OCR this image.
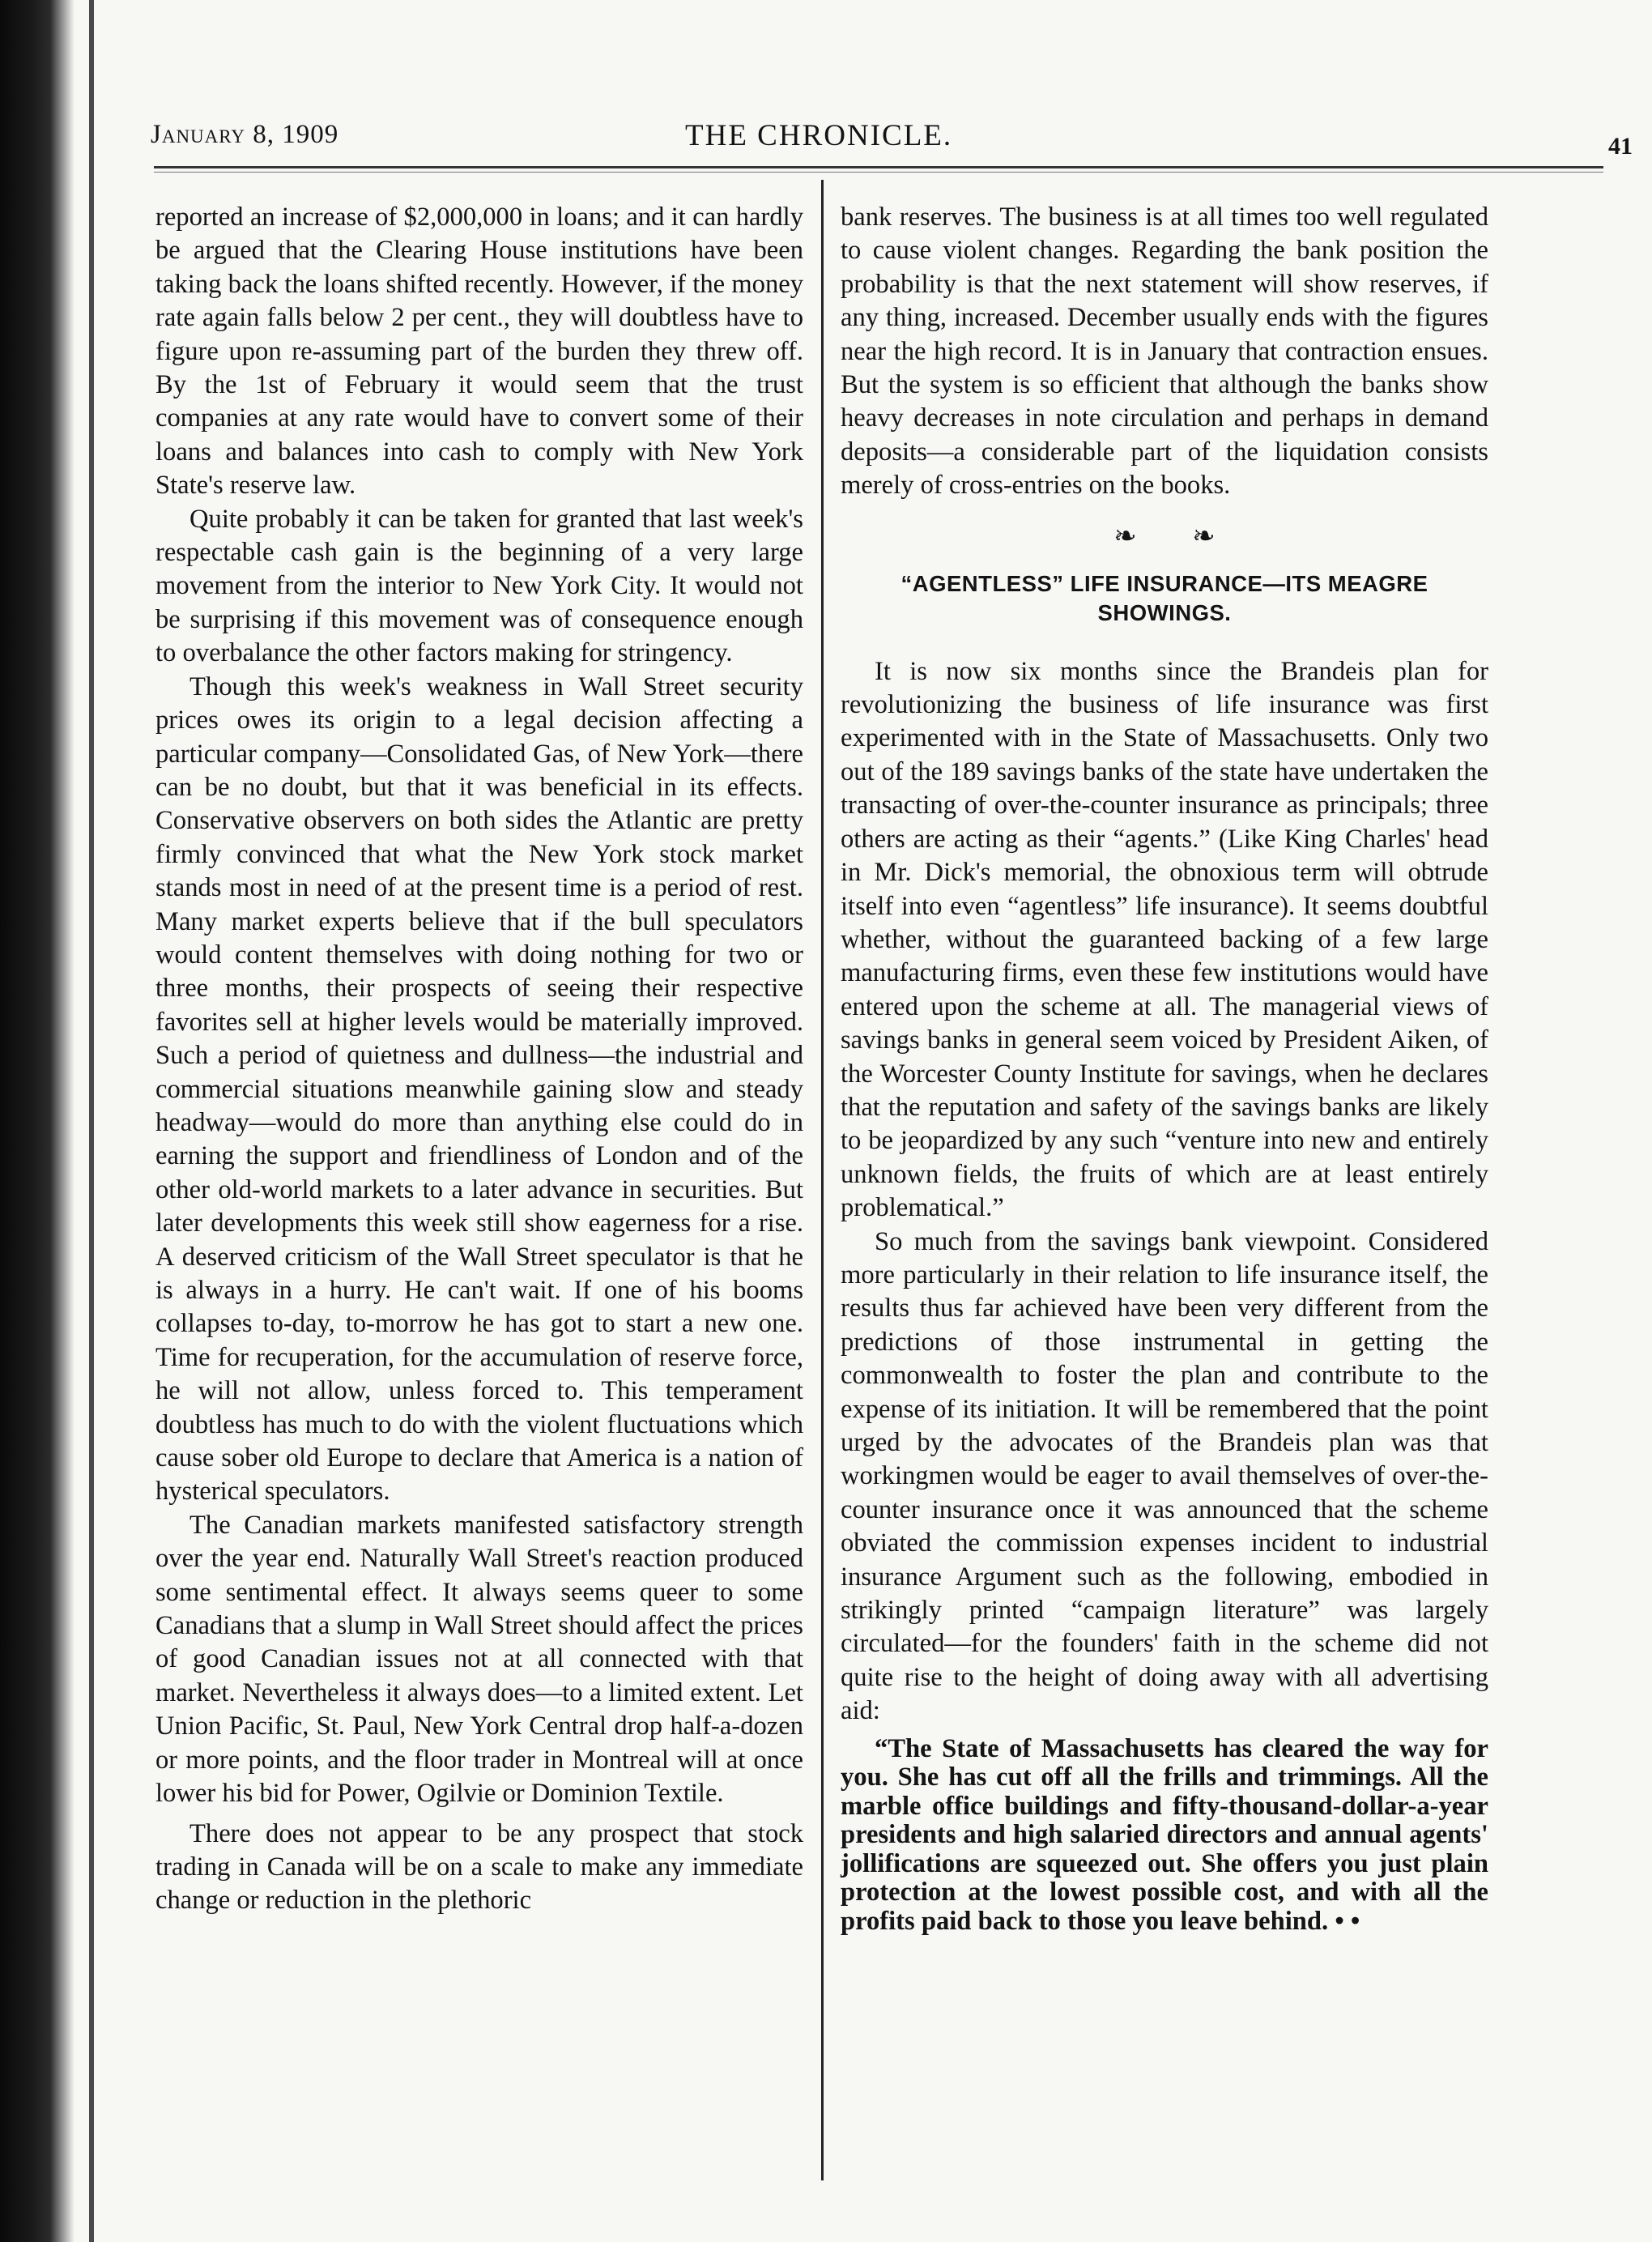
January 8, 1909	THE CHRONICLE.	41

reported an increase of $2,000,000 in loans; and it can hardly be argued that the Clearing House institutions have been taking back the loans shifted recently. However, if the money rate again falls below 2 per cent., they will doubtless have to figure upon re-assuming part of the burden they threw off. By the 1st of February it would seem that the trust companies at any rate would have to convert some of their loans and balances into cash to comply with New York State's reserve law.

Quite probably it can be taken for granted that last week's respectable cash gain is the beginning of a very large movement from the interior to New York City. It would not be surprising if this movement was of consequence enough to overbalance the other factors making for stringency.

Though this week's weakness in Wall Street security prices owes its origin to a legal decision affecting a particular company—Consolidated Gas, of New York—there can be no doubt, but that it was beneficial in its effects. Conservative observers on both sides the Atlantic are pretty firmly convinced that what the New York stock market stands most in need of at the present time is a period of rest. Many market experts believe that if the bull speculators would content themselves with doing nothing for two or three months, their prospects of seeing their respective favorites sell at higher levels would be materially improved. Such a period of quietness and dullness—the industrial and commercial situations meanwhile gaining slow and steady headway—would do more than anything else could do in earning the support and friendliness of London and of the other old-world markets to a later advance in securities. But later developments this week still show eagerness for a rise. A deserved criticism of the Wall Street speculator is that he is always in a hurry. He can't wait. If one of his booms collapses to-day, to-morrow he has got to start a new one. Time for recuperation, for the accumulation of reserve force, he will not allow, unless forced to. This temperament doubtless has much to do with the violent fluctuations which cause sober old Europe to declare that America is a nation of hysterical speculators.

The Canadian markets manifested satisfactory strength over the year end. Naturally Wall Street's reaction produced some sentimental effect. It always seems queer to some Canadians that a slump in Wall Street should affect the prices of good Canadian issues not at all connected with that market. Nevertheless it always does—to a limited extent. Let Union Pacific, St. Paul, New York Central drop half-a-dozen or more points, and the floor trader in Montreal will at once lower his bid for Power, Ogilvie or Dominion Textile.

There does not appear to be any prospect that stock trading in Canada will be on a scale to make any immediate change or reduction in the plethoric

bank reserves. The business is at all times too well regulated to cause violent changes. Regarding the bank position the probability is that the next statement will show reserves, if any thing, increased. December usually ends with the figures near the high record. It is in January that contraction ensues. But the system is so efficient that although the banks show heavy decreases in note circulation and perhaps in demand deposits—a considerable part of the liquidation consists merely of cross-entries on the books.

❧ ❧
“AGENTLESS” LIFE INSURANCE—ITS MEAGRE SHOWINGS.

It is now six months since the Brandeis plan for revolutionizing the business of life insurance was first experimented with in the State of Massachusetts. Only two out of the 189 savings banks of the state have undertaken the transacting of over-the-counter insurance as principals; three others are acting as their “agents.” (Like King Charles' head in Mr. Dick's memorial, the obnoxious term will obtrude itself into even “agentless” life insurance). It seems doubtful whether, without the guaranteed backing of a few large manufacturing firms, even these few institutions would have entered upon the scheme at all. The managerial views of savings banks in general seem voiced by President Aiken, of the Worcester County Institute for savings, when he declares that the reputation and safety of the savings banks are likely to be jeopardized by any such “venture into new and entirely unknown fields, the fruits of which are at least entirely problematical.”

So much from the savings bank viewpoint. Considered more particularly in their relation to life insurance itself, the results thus far achieved have been very different from the predictions of those instrumental in getting the commonwealth to foster the plan and contribute to the expense of its initiation. It will be remembered that the point urged by the advocates of the Brandeis plan was that workingmen would be eager to avail themselves of over-the-counter insurance once it was announced that the scheme obviated the commission expenses incident to industrial insurance Argument such as the following, embodied in strikingly printed “campaign literature” was largely circulated—for the founders' faith in the scheme did not quite rise to the height of doing away with all advertising aid:

“The State of Massachusetts has cleared the way for you. She has cut off all the frills and trimmings. All the marble office buildings and fifty-thousand-dollar-a-year presidents and high salaried directors and annual agents' jollifications are squeezed out. She offers you just plain protection at the lowest possible cost, and with all the profits paid back to those you leave behind. • •
